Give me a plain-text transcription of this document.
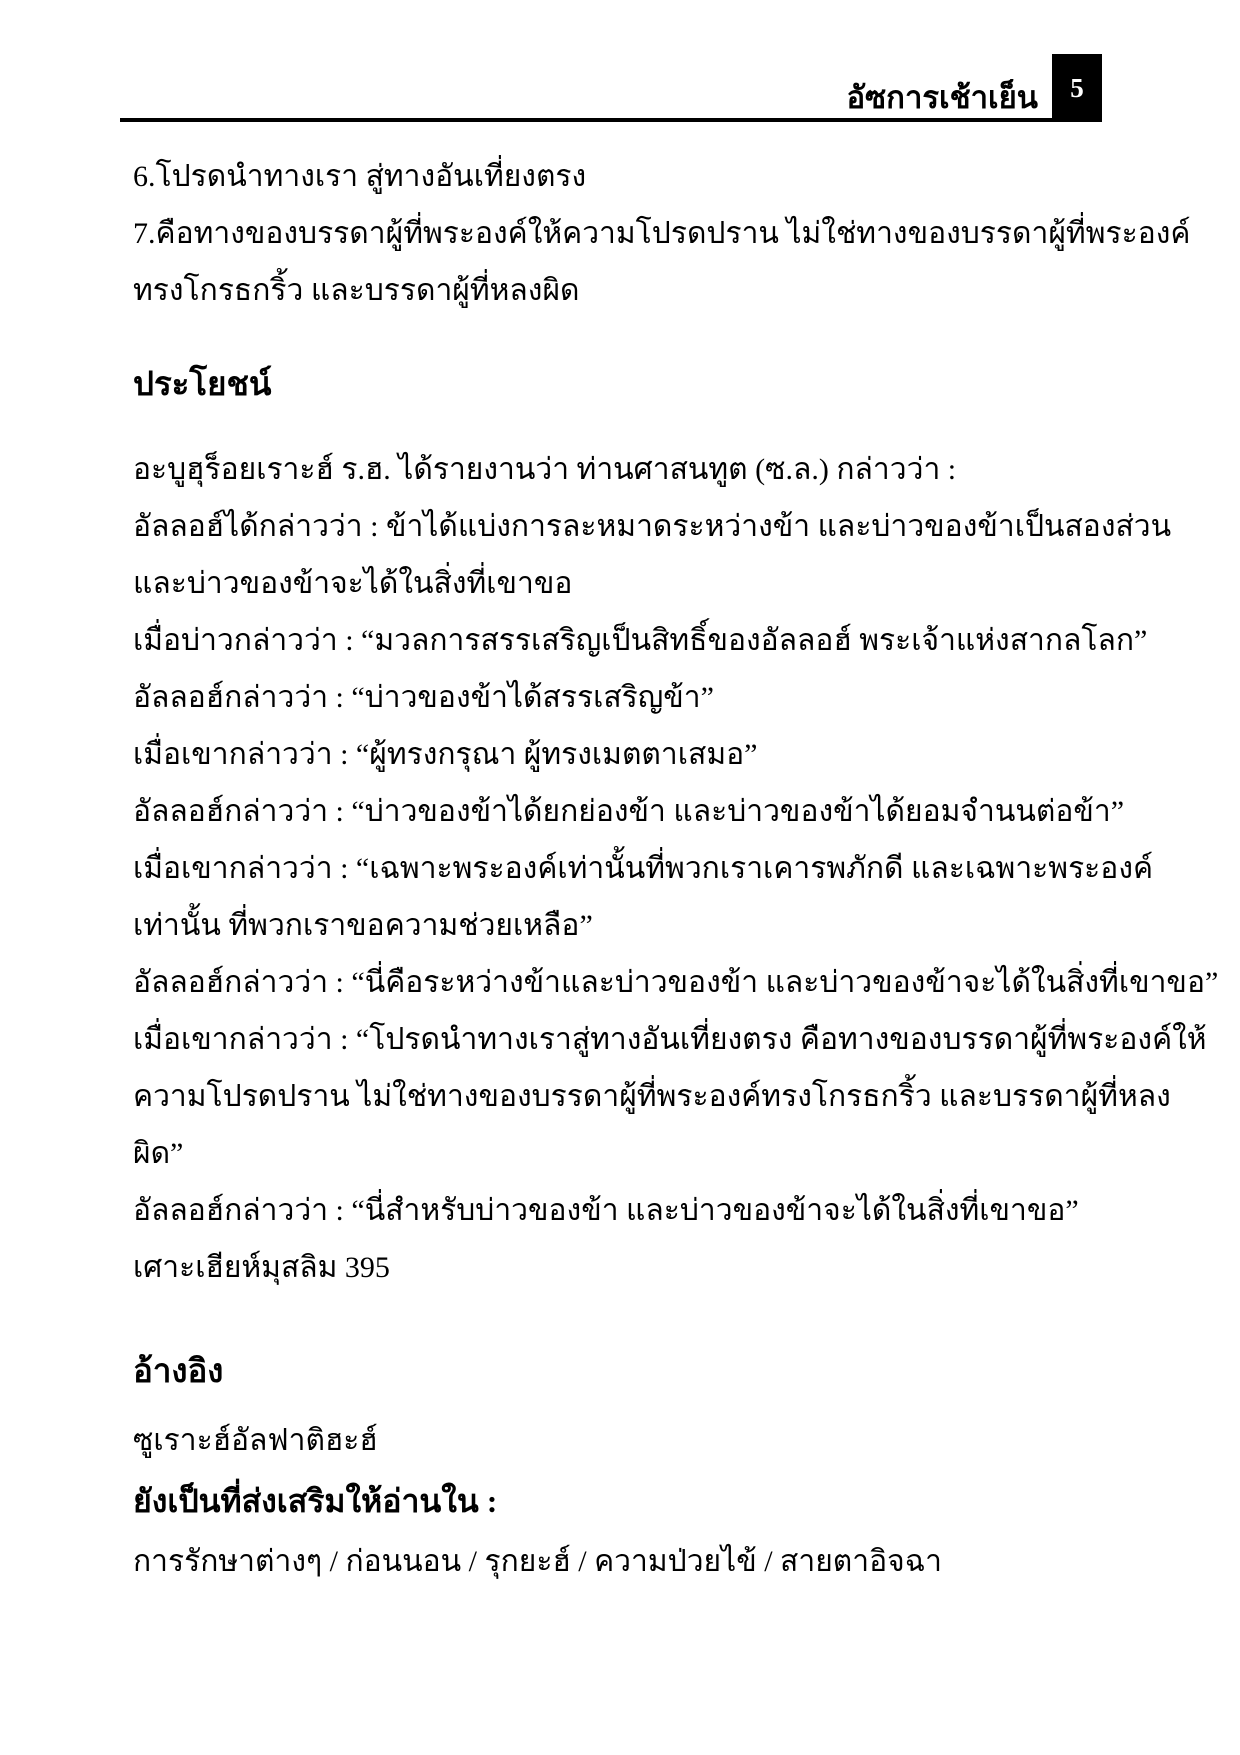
อัซการเช้าเย็น 5
6.โปรดนำทางเรา สู่ทางอันเที่ยงตรง
7.คือทางของบรรดาผู้ที่พระองค์ให้ความโปรดปราน ไม่ใช่ทางของบรรดาผู้ที่พระองค์
ทรงโกรธกริ้ว และบรรดาผู้ที่หลงผิด
ประโยชน์
อะบูฮุร็อยเราะฮ์ ร.ฮ. ได้รายงานว่า ท่านศาสนทูต (ซ.ล.) กล่าวว่า :
อัลลอฮ์ได้กล่าวว่า : ข้าได้แบ่งการละหมาดระหว่างข้า และบ่าวของข้าเป็นสองส่วน
และบ่าวของข้าจะได้ในสิ่งที่เขาขอ
เมื่อบ่าวกล่าวว่า : “มวลการสรรเสริญเป็นสิทธิ์ของอัลลอฮ์ พระเจ้าแห่งสากลโลก”
อัลลอฮ์กล่าวว่า : “บ่าวของข้าได้สรรเสริญข้า”
เมื่อเขากล่าวว่า : “ผู้ทรงกรุณา ผู้ทรงเมตตาเสมอ”
อัลลอฮ์กล่าวว่า : “บ่าวของข้าได้ยกย่องข้า และบ่าวของข้าได้ยอมจำนนต่อข้า”
เมื่อเขากล่าวว่า : “เฉพาะพระองค์เท่านั้นที่พวกเราเคารพภักดี และเฉพาะพระองค์
เท่านั้น ที่พวกเราขอความช่วยเหลือ”
อัลลอฮ์กล่าวว่า : “นี่คือระหว่างข้าและบ่าวของข้า และบ่าวของข้าจะได้ในสิ่งที่เขาขอ”
เมื่อเขากล่าวว่า : “โปรดนำทางเราสู่ทางอันเที่ยงตรง คือทางของบรรดาผู้ที่พระองค์ให้
ความโปรดปราน ไม่ใช่ทางของบรรดาผู้ที่พระองค์ทรงโกรธกริ้ว และบรรดาผู้ที่หลง
ผิด”
อัลลอฮ์กล่าวว่า : “นี่สำหรับบ่าวของข้า และบ่าวของข้าจะได้ในสิ่งที่เขาขอ”
เศาะเฮียห์มุสลิม 395
อ้างอิง
ซูเราะฮ์อัลฟาติฮะฮ์
ยังเป็นที่ส่งเสริมให้อ่านใน :
การรักษาต่างๆ / ก่อนนอน / รุกยะฮ์ / ความป่วยไข้ / สายตาอิจฉา
